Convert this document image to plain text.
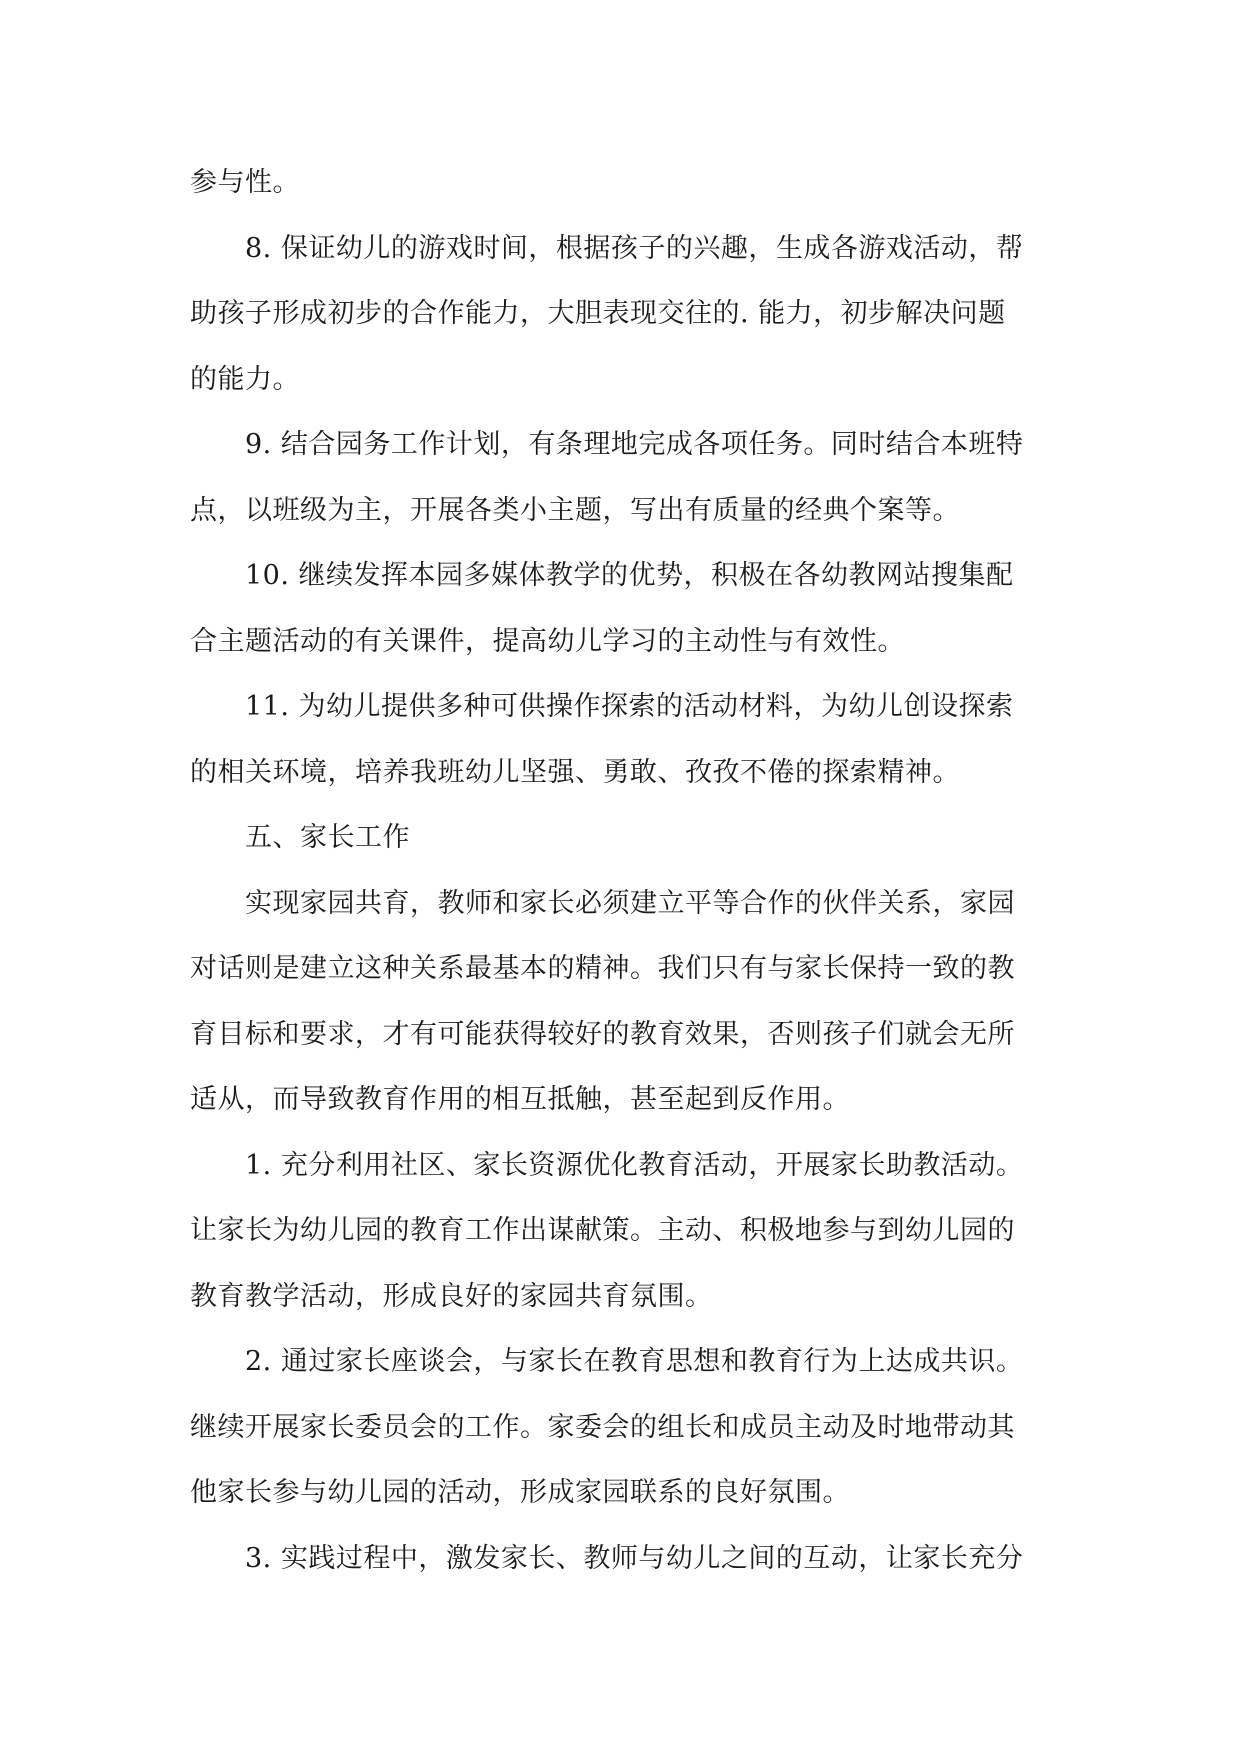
参与性。
8. 保证幼儿的游戏时间，根据孩子的兴趣，生成各游戏活动，帮
助孩子形成初步的合作能力，大胆表现交往的. 能力，初步解决问题
的能力。
9. 结合园务工作计划，有条理地完成各项任务。同时结合本班特
点，以班级为主，开展各类小主题，写出有质量的经典个案等。
10. 继续发挥本园多媒体教学的优势，积极在各幼教网站搜集配
合主题活动的有关课件，提高幼儿学习的主动性与有效性。
11. 为幼儿提供多种可供操作探索的活动材料，为幼儿创设探索
的相关环境，培养我班幼儿坚强、勇敢、孜孜不倦的探索精神。
五、家长工作
实现家园共育，教师和家长必须建立平等合作的伙伴关系，家园
对话则是建立这种关系最基本的精神。我们只有与家长保持一致的教
育目标和要求，才有可能获得较好的教育效果，否则孩子们就会无所
适从，而导致教育作用的相互抵触，甚至起到反作用。
1. 充分利用社区、家长资源优化教育活动，开展家长助教活动。
让家长为幼儿园的教育工作出谋献策。主动、积极地参与到幼儿园的
教育教学活动，形成良好的家园共育氛围。
2. 通过家长座谈会，与家长在教育思想和教育行为上达成共识。
继续开展家长委员会的工作。家委会的组长和成员主动及时地带动其
他家长参与幼儿园的活动，形成家园联系的良好氛围。
3. 实践过程中，激发家长、教师与幼儿之间的互动，让家长充分
